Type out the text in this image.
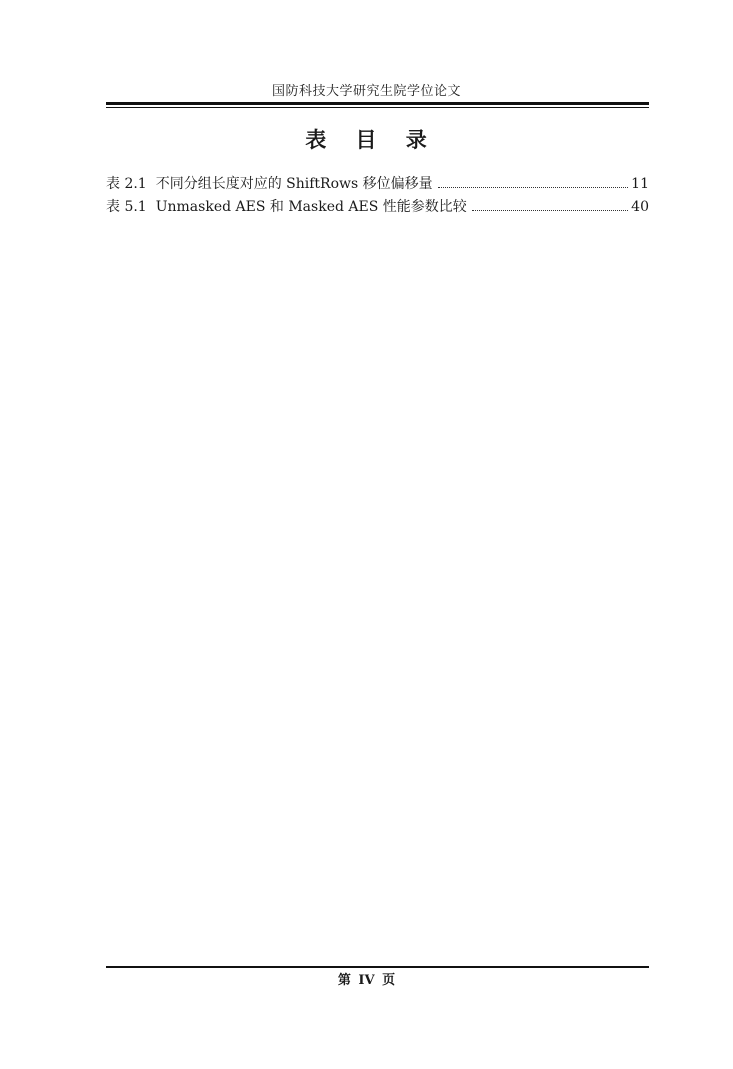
国防科技大学研究生院学位论文
表 目 录
表 2.1 不同分组长度对应的 ShiftRows 移位偏移量	11
表 5.1 Unmasked AES 和 Masked AES 性能参数比较	40
第 IV 页
